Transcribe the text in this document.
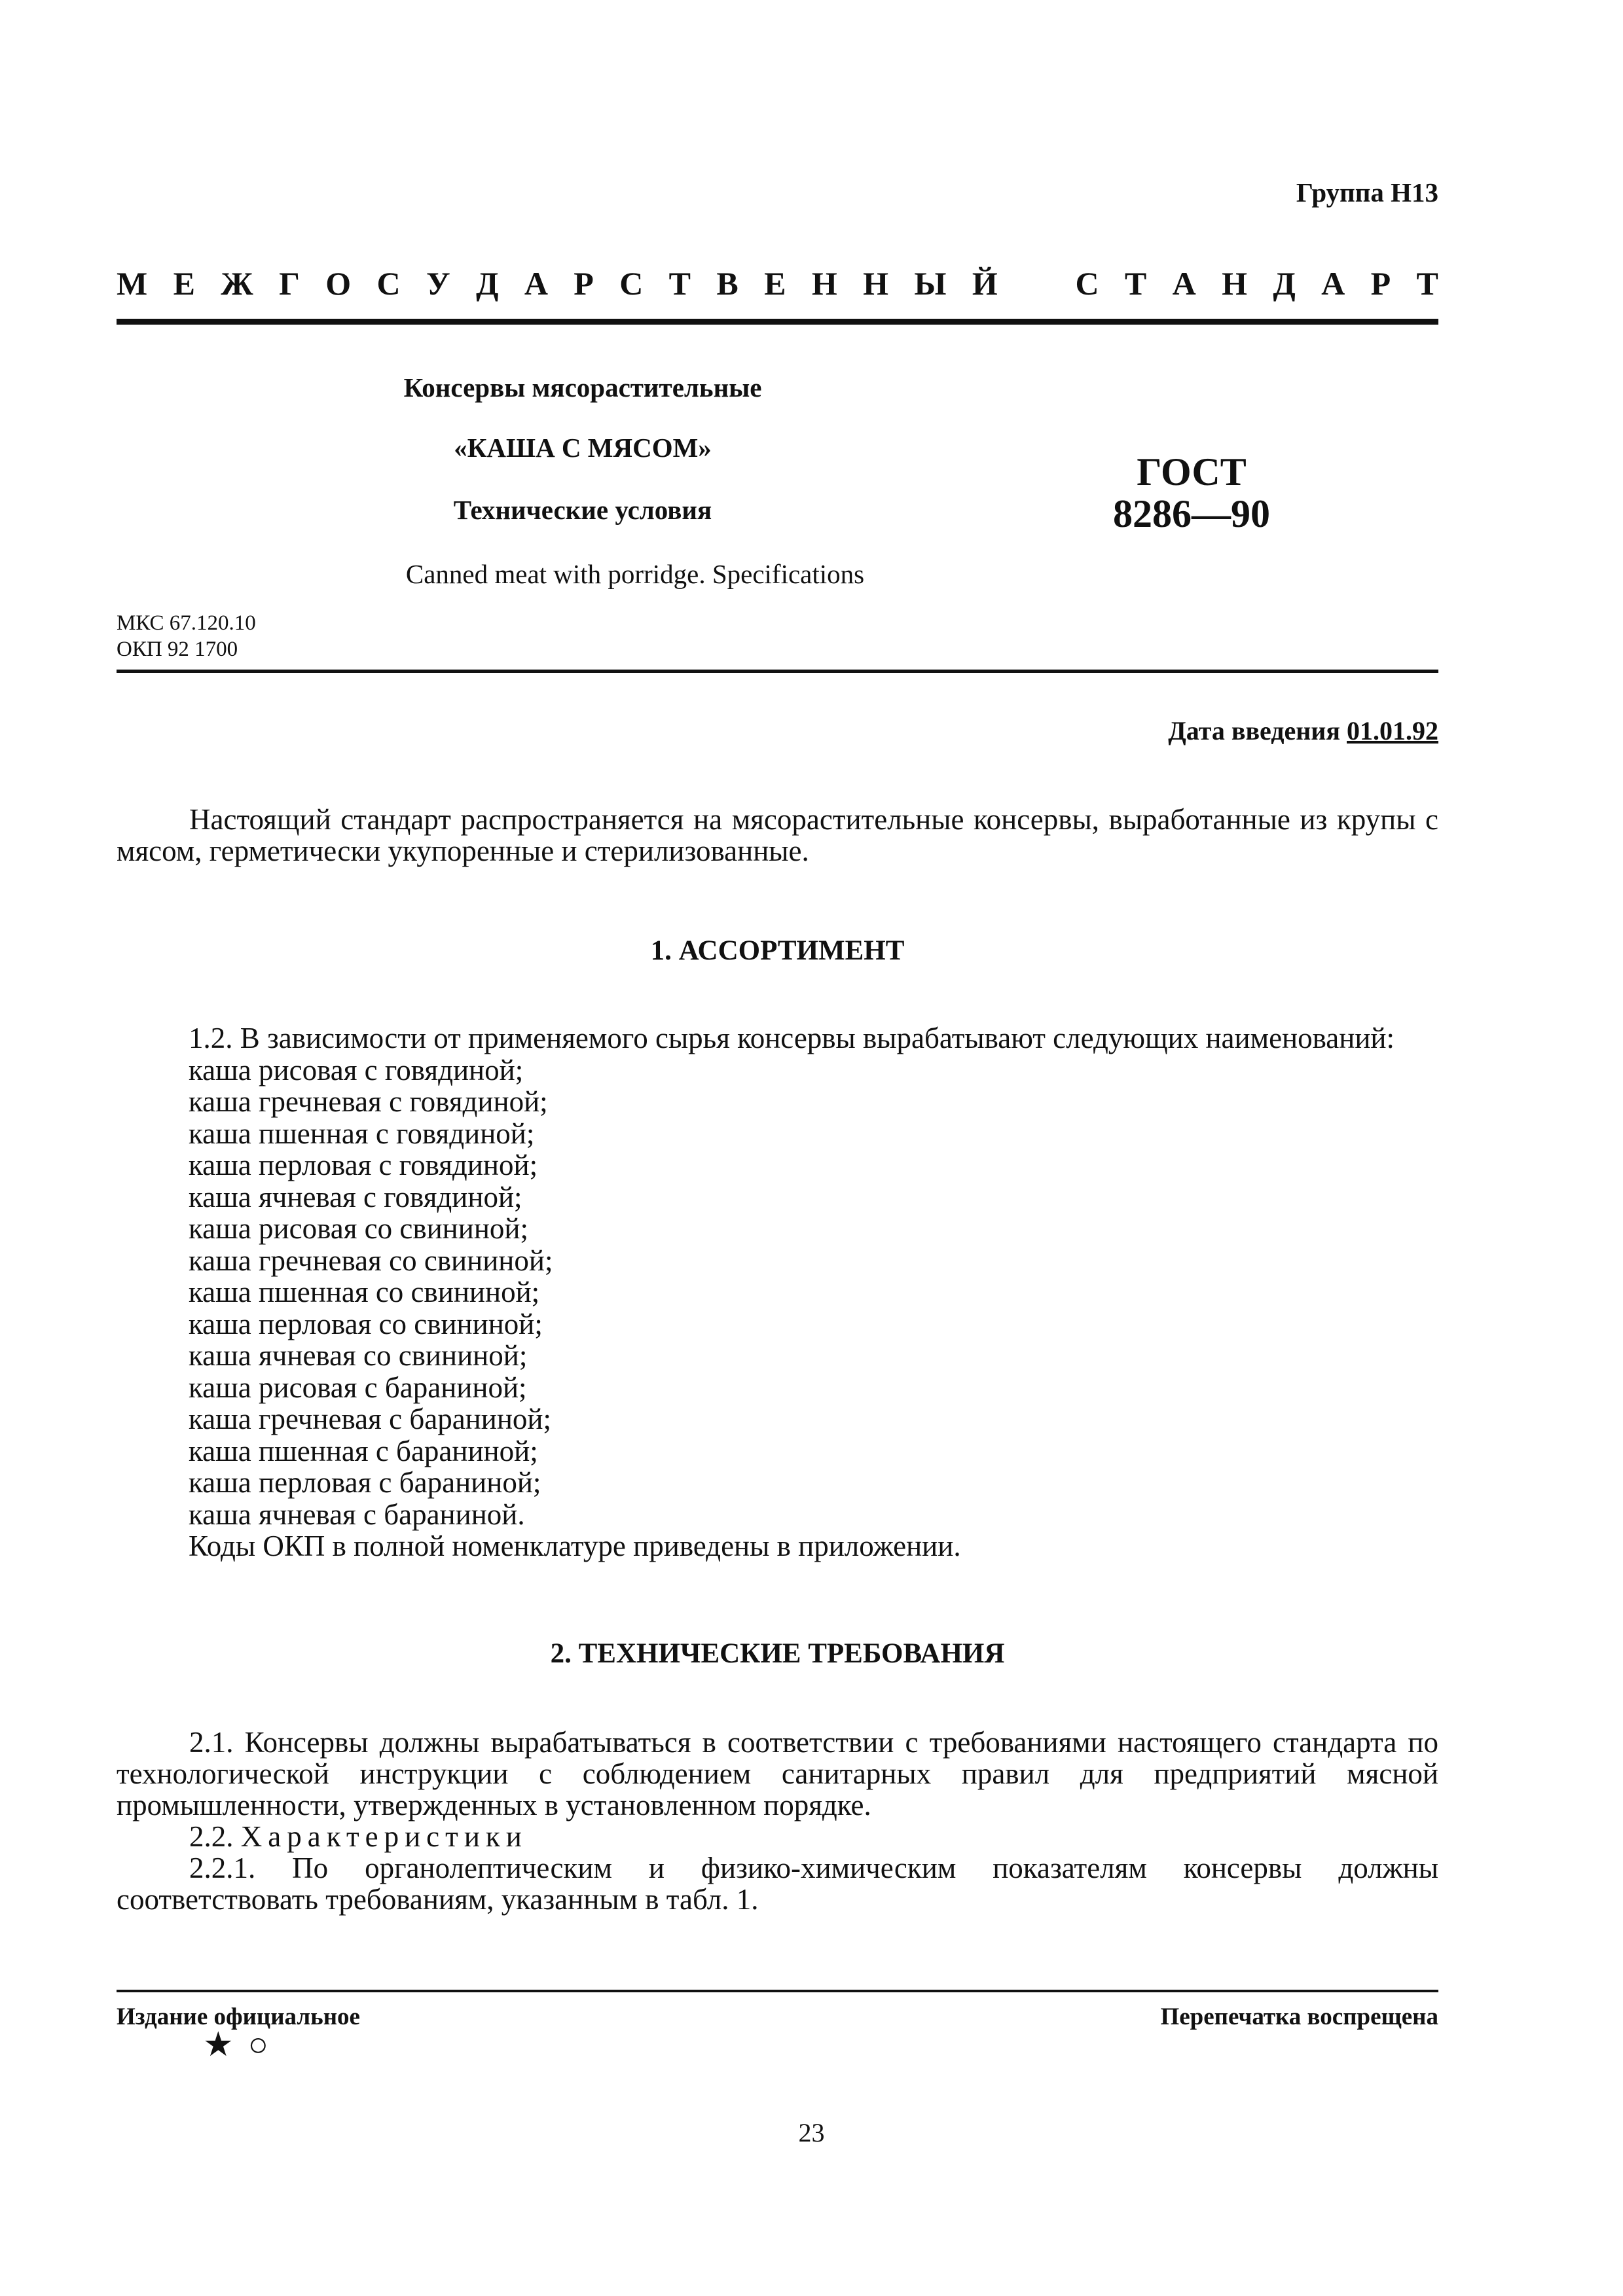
Группа Н13
М Е Ж Г О С У Д А Р С Т В Е Н Н Ы Й С Т А Н Д А Р Т
Консервы мясорастительные
«КАША С МЯСОМ»
Технические условия
ГОСТ
8286—90
Canned meat with porridge. Specifications
МКС 67.120.10
ОКП 92 1700
Дата введения 01.01.92
Настоящий стандарт распространяется на мясорастительные консервы, выработанные из крупы с мясом, герметически укупоренные и стерилизованные.
1. АССОРТИМЕНТ
1.2. В зависимости от применяемого сырья консервы вырабатывают следующих наименований:
каша рисовая с говядиной;
каша гречневая с говядиной;
каша пшенная с говядиной;
каша перловая с говядиной;
каша ячневая с говядиной;
каша рисовая со свининой;
каша гречневая со свининой;
каша пшенная со свининой;
каша перловая со свининой;
каша ячневая со свининой;
каша рисовая с бараниной;
каша гречневая с бараниной;
каша пшенная с бараниной;
каша перловая с бараниной;
каша ячневая с бараниной.
Коды ОКП в полной номенклатуре приведены в приложении.
2. ТЕХНИЧЕСКИЕ ТРЕБОВАНИЯ
2.1. Консервы должны вырабатываться в соответствии с требованиями настоящего стандарта по технологической инструкции с соблюдением санитарных правил для предприятий мясной промышленности, утвержденных в установленном порядке.
2.2. Характеристики
2.2.1. По органолептическим и физико-химическим показателям консервы должны соответствовать требованиям, указанным в табл. 1.
Издание официальное	Перепечатка воспрещена
★ ○
23
